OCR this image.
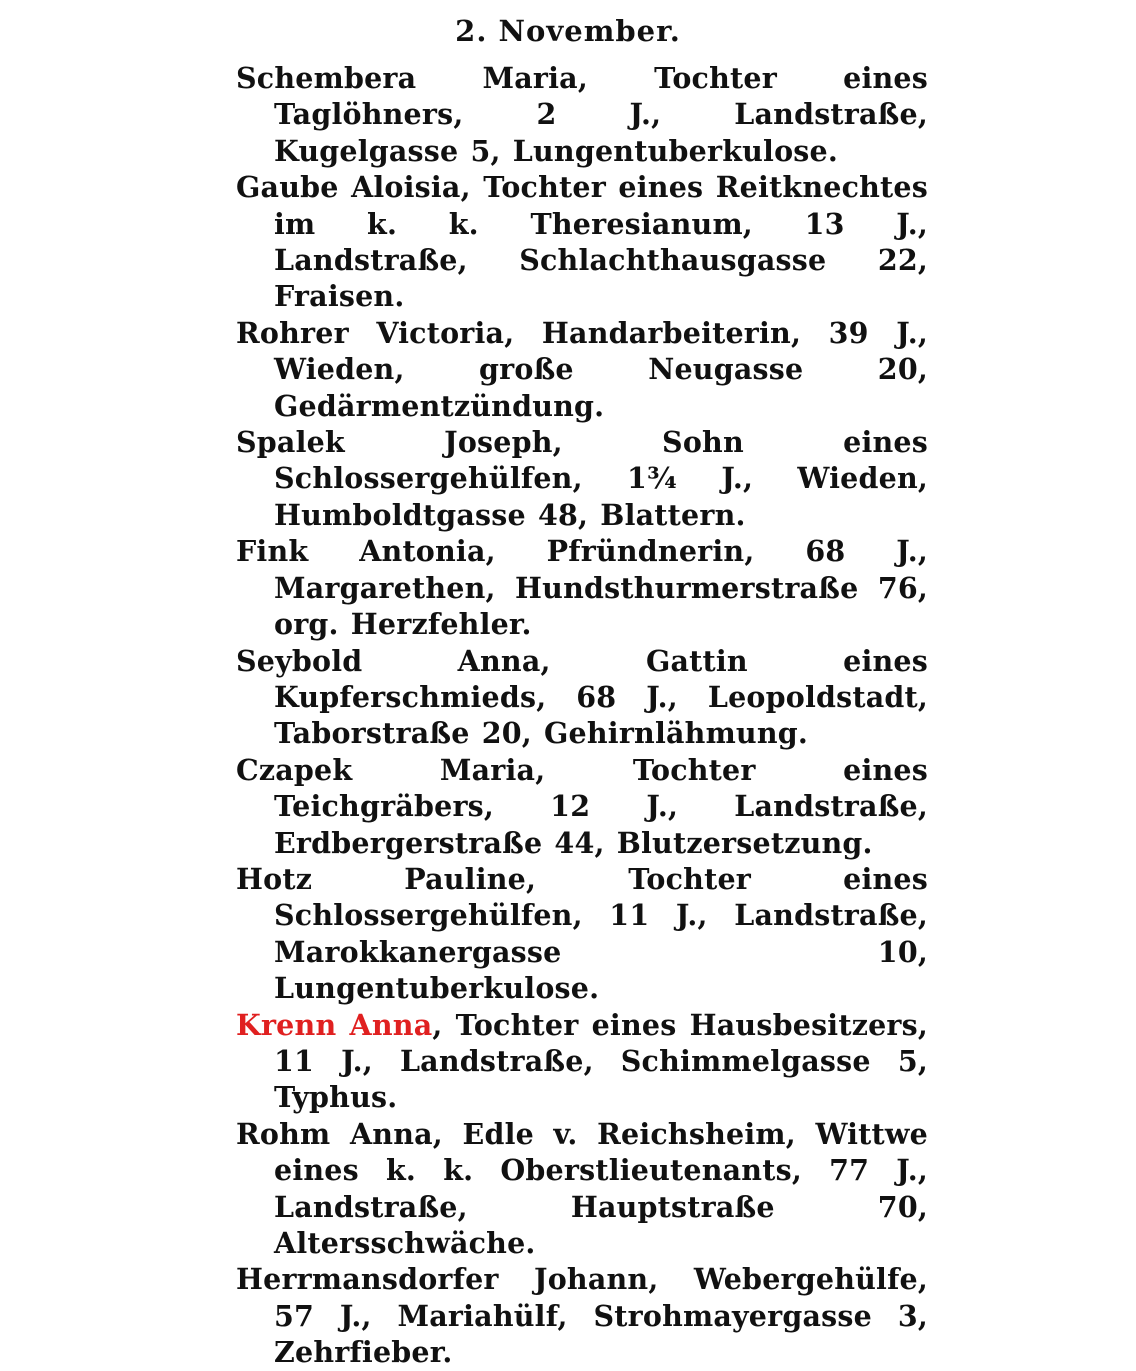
2. November.

Schembera Maria, Tochter eines Taglöhners, 2 J., Landstraße, Kugelgasse 5, Lungentuberkulose.

Gaube Aloisia, Tochter eines Reitknechtes im k. k. Theresianum, 13 J., Landstraße, Schlachthausgasse 22, Fraisen.

Rohrer Victoria, Handarbeiterin, 39 J., Wieden, große Neugasse 20, Gedärmentzündung.

Spalek Joseph, Sohn eines Schlossergehülfen, 1¾ J., Wieden, Humboldtgasse 48, Blattern.

Fink Antonia, Pfründnerin, 68 J., Margarethen, Hundsthurmerstraße 76, org. Herzfehler.

Seybold Anna, Gattin eines Kupferschmieds, 68 J., Leopoldstadt, Taborstraße 20, Gehirnlähmung.

Czapek Maria, Tochter eines Teichgräbers, 12 J., Landstraße, Erdbergerstraße 44, Blutzersetzung.

Hotz Pauline, Tochter eines Schlossergehülfen, 11 J., Landstraße, Marokkanergasse 10, Lungentuberkulose.

Krenn Anna, Tochter eines Hausbesitzers, 11 J., Landstraße, Schimmelgasse 5, Typhus.

Rohm Anna, Edle v. Reichsheim, Wittwe eines k. k. Oberstlieutenants, 77 J., Landstraße, Hauptstraße 70, Altersschwäche.

Herrmansdorfer Johann, Webergehülfe, 57 J., Mariahülf, Strohmayergasse 3, Zehrfieber.
